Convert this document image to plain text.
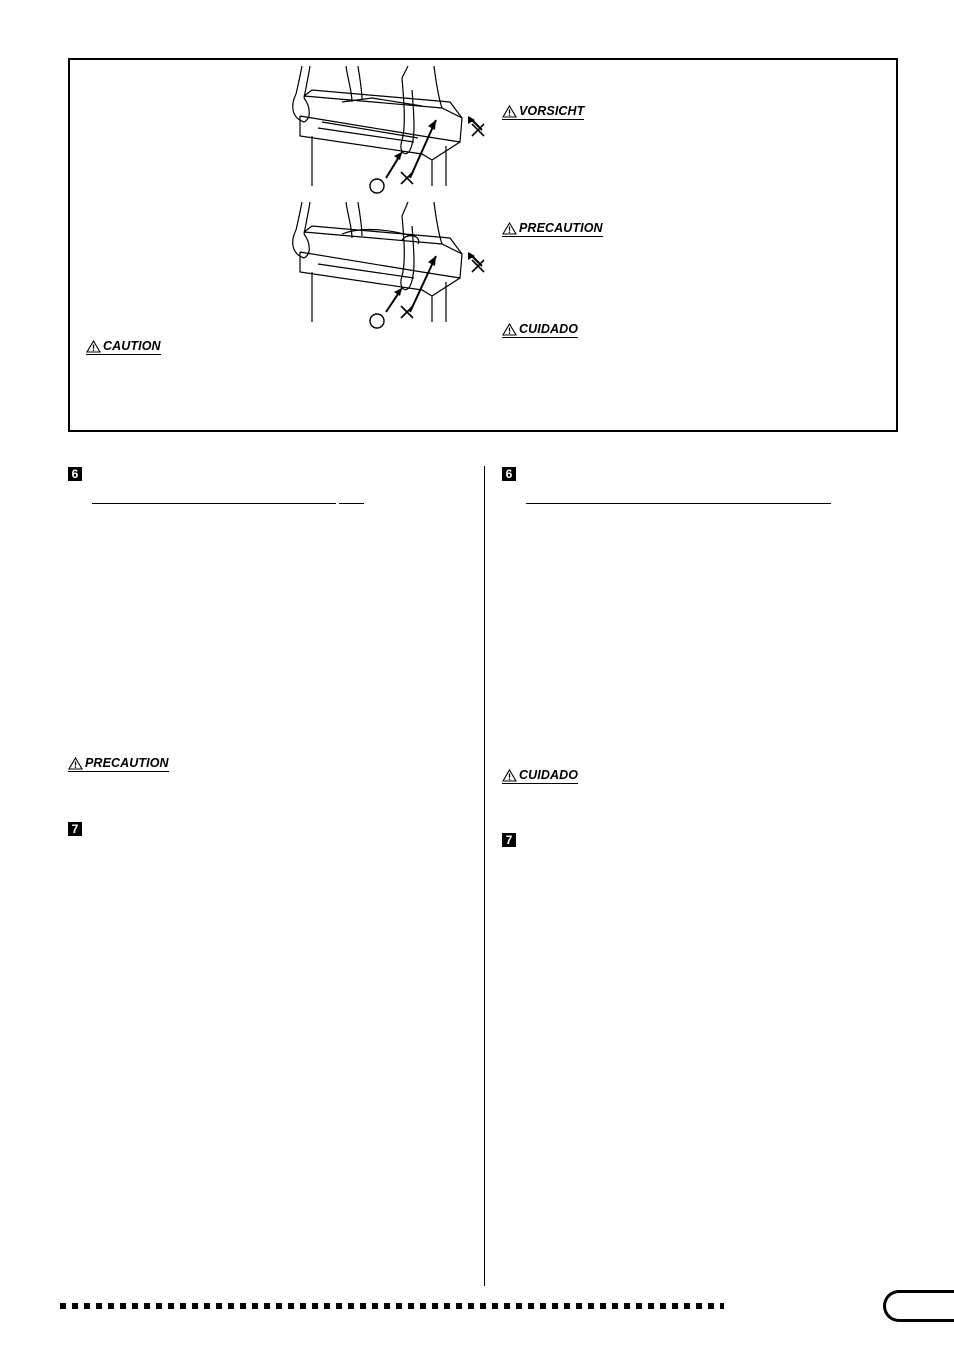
VORSICHT
PRECAUTION
CUIDADO
CAUTION
6
PRECAUTION
7
6
CUIDADO
7
